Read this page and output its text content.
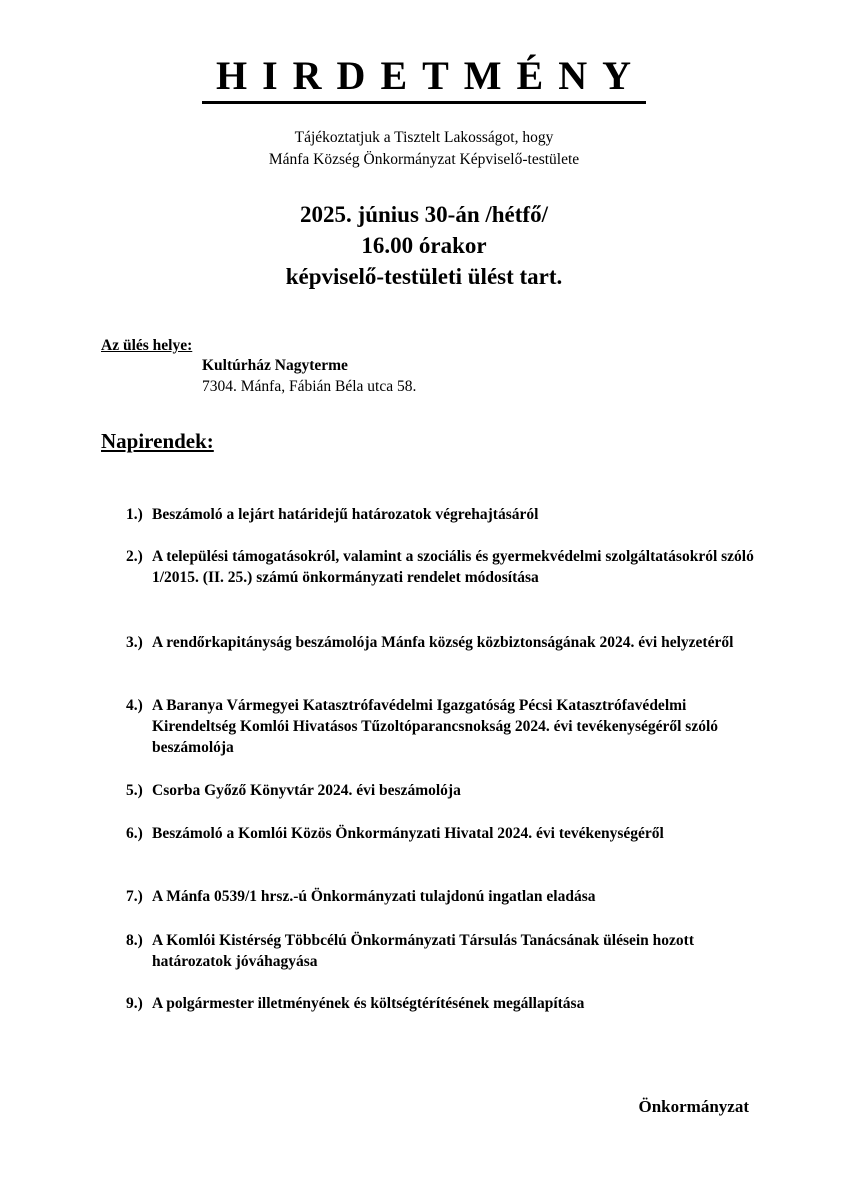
HIRDETMÉNY
Tájékoztatjuk a Tisztelt Lakosságot, hogy
Mánfa Község Önkormányzat Képviselő-testülete
2025. június 30-án /hétfő/
16.00 órakor
képviselő-testületi ülést tart.
Az ülés helye:
Kultúrház Nagyterme
7304. Mánfa, Fábián Béla utca 58.
Napirendek:
1.) Beszámoló a lejárt határidejű határozatok végrehajtásáról
2.) A települési támogatásokról, valamint a szociális és gyermekvédelmi szolgáltatásokról szóló 1/2015. (II. 25.) számú önkormányzati rendelet módosítása
3.) A rendőrkapitányság beszámolója Mánfa község közbiztonságának 2024. évi helyzetéről
4.) A Baranya Vármegyei Katasztrófavédelmi Igazgatóság Pécsi Katasztrófavédelmi Kirendeltség Komlói Hivatásos Tűzoltóparancsnokság 2024. évi tevékenységéről szóló beszámolója
5.) Csorba Győző Könyvtár 2024. évi beszámolója
6.) Beszámoló a Komlói Közös Önkormányzati Hivatal 2024. évi tevékenységéről
7.) A Mánfa 0539/1 hrsz.-ú Önkormányzati tulajdonú ingatlan eladása
8.) A Komlói Kistérség Többcélú Önkormányzati Társulás Tanácsának ülésein hozott határozatok jóváhagyása
9.) A polgármester illetményének és költségtérítésének megállapítása
Önkormányzat
